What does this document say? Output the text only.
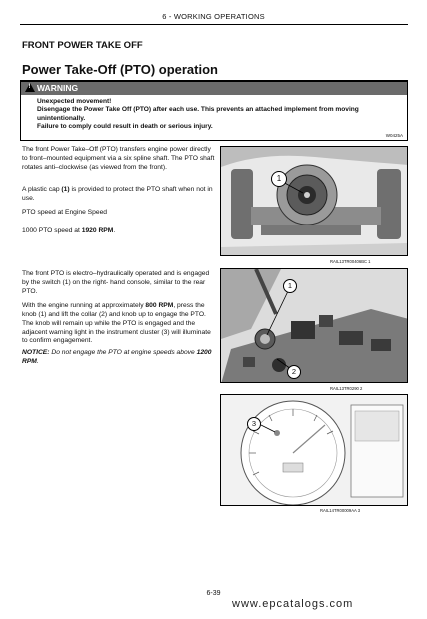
6 - WORKING OPERATIONS
FRONT POWER TAKE OFF
Power Take-Off (PTO) operation
!
WARNING
Unexpected movement!
Disengage the Power Take Off (PTO) after each use. This prevents an attached implement from moving unintentionally.
Failure to comply could result in death or serious injury.
W0425A
The front Power Take–Off (PTO) transfers engine power directly to front–mounted equipment via a six spline shaft. The PTO shaft rotates anti–clockwise (as viewed from the front).
A plastic cap (1) is provided to protect the PTO shaft when not in use.
PTO speed at Engine Speed
1000 PTO speed at 1920 RPM.
The front PTO is electro–hydraulically operated and is engaged by the switch (1) on the right- hand console, similar to the rear PTO.
With the engine running at approximately 800 RPM, press the knob (1) and lift the collar (2) and knob up to engage the PTO. The knob will remain up while the PTO is engaged and the adjacent warning light in the instrument cluster (3) will illuminate to confirm engagement.
NOTICE: Do not engage the PTO at engine speeds above 1200 RPM.
1
RAIL13TR00406BC 1
1
2
RAIL13TR0290 2
3
RAIL14TR00009AA 3
6-39
www.epcatalogs.com
